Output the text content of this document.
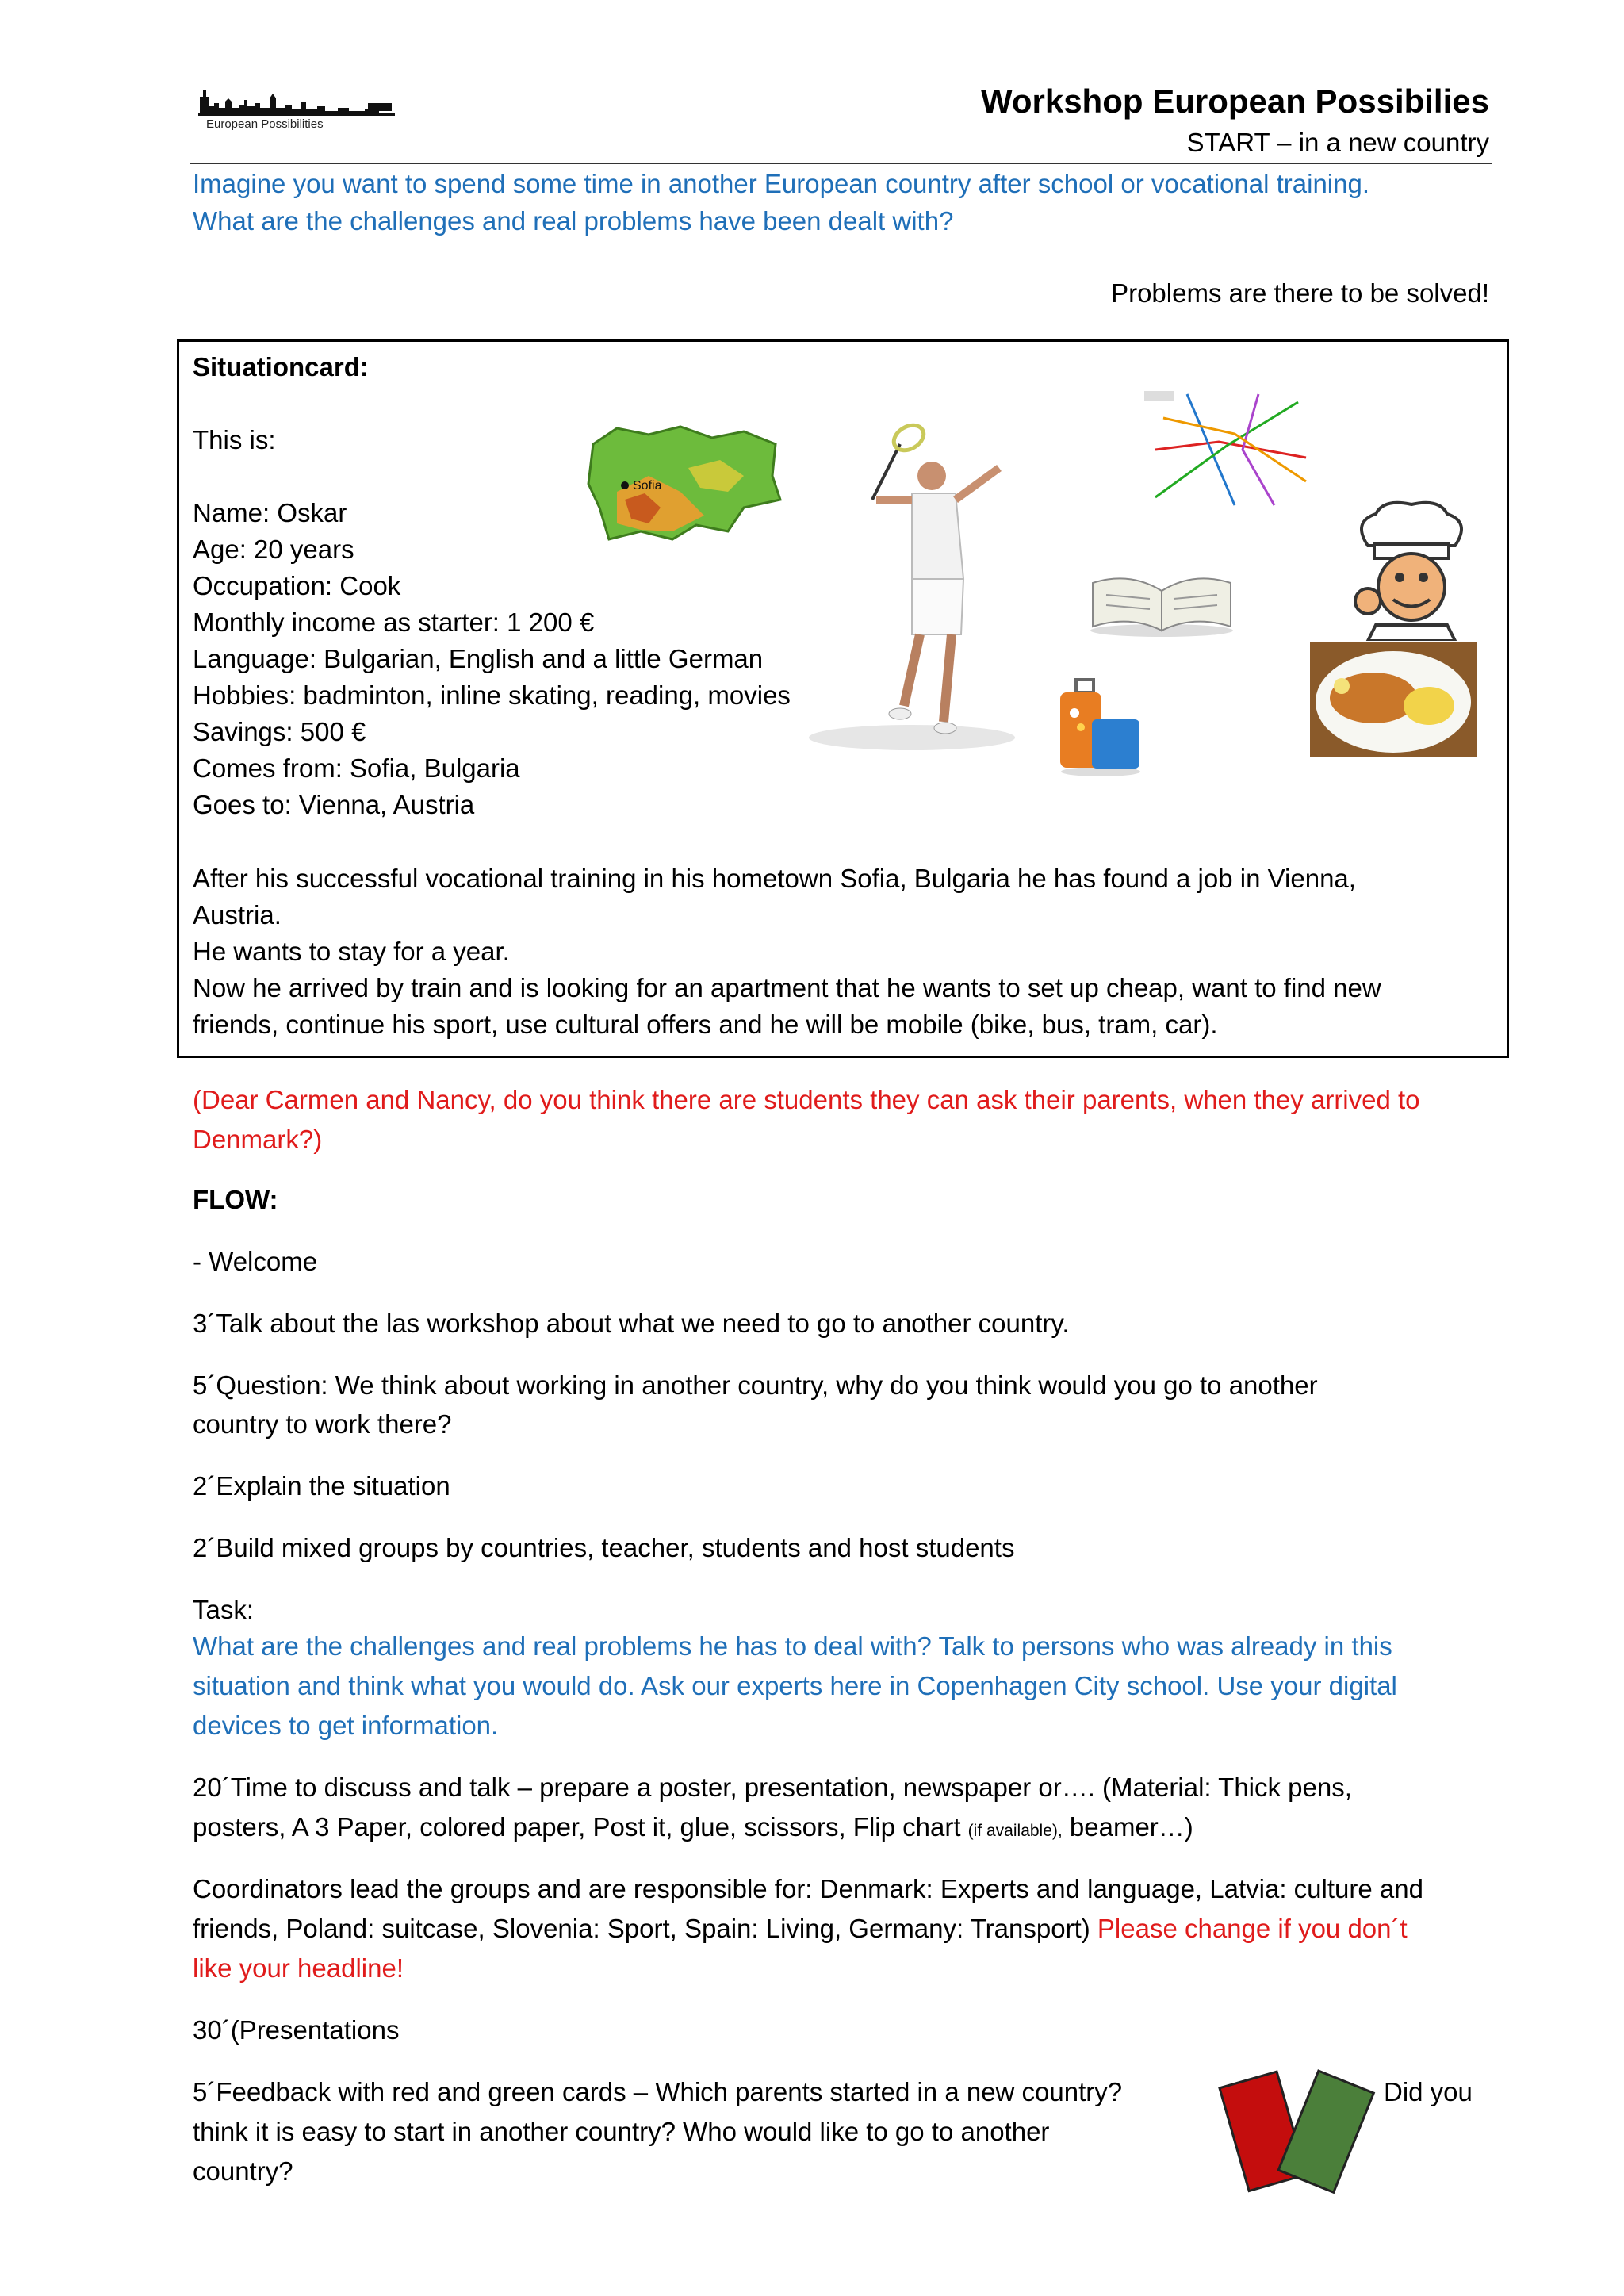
European Possibilities
Workshop European Possibilies
START – in a new country
Imagine you want to spend some time in another European country after school or vocational training.
What are the challenges and real problems have been dealt with?
Problems are there to be solved!
Situationcard:
This is:
Name: Oskar
Age: 20 years
Occupation: Cook
Monthly income as starter: 1 200 €
Language: Bulgarian, English and a little German
Hobbies: badminton, inline skating, reading, movies
Savings: 500 €
Comes from: Sofia, Bulgaria
Goes to: Vienna, Austria
After his successful vocational training in his hometown Sofia, Bulgaria he has found a job in Vienna,
Austria.
He wants to stay for a year.
Now he arrived by train and is looking for an apartment that he wants to set up cheap, want to find new
friends, continue his sport, use cultural offers and he will be mobile (bike, bus, tram, car).
Sofia
(Dear Carmen and Nancy, do you think there are students they can ask their parents, when they arrived to
Denmark?)
FLOW:
- Welcome
3´Talk about the las workshop about what we need to go to another country.
5´Question: We think about working in another country, why do you think would you go to another
country to work there?
2´Explain the situation
2´Build mixed groups by countries, teacher, students and host students
Task:
What are the challenges and real problems he has to deal with? Talk to persons who was already in this
situation and think what you would do. Ask our experts here in Copenhagen City school. Use your digital
devices to get information.
20´Time to discuss and talk – prepare a poster, presentation, newspaper or…. (Material: Thick pens,
posters, A 3 Paper, colored paper, Post it, glue, scissors, Flip chart (if available), beamer…)
Coordinators lead the groups and are responsible for: Denmark: Experts and language, Latvia: culture and
friends, Poland: suitcase, Slovenia: Sport, Spain: Living, Germany: Transport) Please change if you don´t
like your headline!
30´(Presentations
5´Feedback with red and green cards – Which parents started in a new country?	Did you
think it is easy to start in another country? Who would like to go to another
country?
